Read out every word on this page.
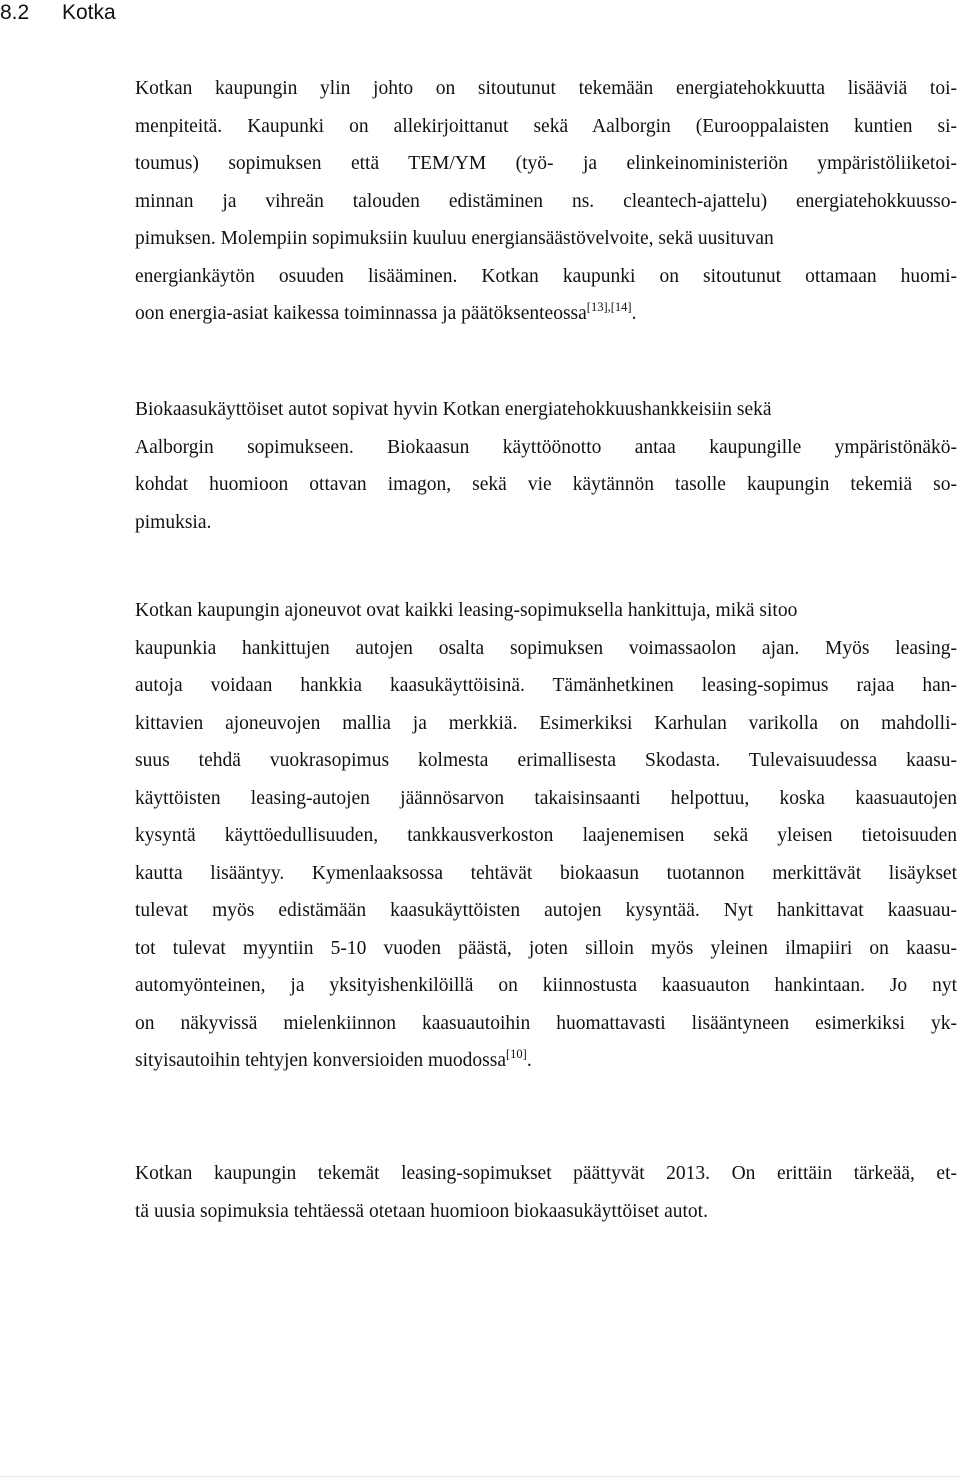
8.2 Kotka

Kotkan kaupungin ylin johto on sitoutunut tekemään energiatehokkuutta lisääviä toi-
menpiteitä. Kaupunki on allekirjoittanut sekä Aalborgin (Eurooppalaisten kuntien si-
toumus) sopimuksen että TEM/YM (työ- ja elinkeinoministeriön ympäristöliiketoi-
minnan ja vihreän talouden edistäminen ns. cleantech-ajattelu) energiatehokkuusso-
pimuksen. Molempiin sopimuksiin kuuluu energiansäästövelvoite, sekä uusituvan
energiankäytön osuuden lisääminen. Kotkan kaupunki on sitoutunut ottamaan huomi-
oon energia-asiat kaikessa toiminnassa ja päätöksenteossa[13],[14].

Biokaasukäyttöiset autot sopivat hyvin Kotkan energiatehokkuushankkeisiin sekä
Aalborgin sopimukseen. Biokaasun käyttöönotto antaa kaupungille ympäristönäkö-
kohdat huomioon ottavan imagon, sekä vie käytännön tasolle kaupungin tekemiä so-
pimuksia.

Kotkan kaupungin ajoneuvot ovat kaikki leasing-sopimuksella hankittuja, mikä sitoo
kaupunkia hankittujen autojen osalta sopimuksen voimassaolon ajan. Myös leasing-
autoja voidaan hankkia kaasukäyttöisinä. Tämänhetkinen leasing-sopimus rajaa han-
kittavien ajoneuvojen mallia ja merkkiä. Esimerkiksi Karhulan varikolla on mahdolli-
suus tehdä vuokrasopimus kolmesta erimallisesta Skodasta. Tulevaisuudessa kaasu-
käyttöisten leasing-autojen jäännösarvon takaisinsaanti helpottuu, koska kaasuautojen
kysyntä käyttöedullisuuden, tankkausverkoston laajenemisen sekä yleisen tietoisuuden
kautta lisääntyy. Kymenlaaksossa tehtävät biokaasun tuotannon merkittävät lisäykset
tulevat myös edistämään kaasukäyttöisten autojen kysyntää. Nyt hankittavat kaasuau-
tot tulevat myyntiin 5-10 vuoden päästä, joten silloin myös yleinen ilmapiiri on kaasu-
automyönteinen, ja yksityishenkilöillä on kiinnostusta kaasuauton hankintaan. Jo nyt
on näkyvissä mielenkiinnon kaasuautoihin huomattavasti lisääntyneen esimerkiksi yk-
sityisautoihin tehtyjen konversioiden muodossa[10].

Kotkan kaupungin tekemät leasing-sopimukset päättyvät 2013. On erittäin tärkeää, et-
tä uusia sopimuksia tehtäessä otetaan huomioon biokaasukäyttöiset autot.
